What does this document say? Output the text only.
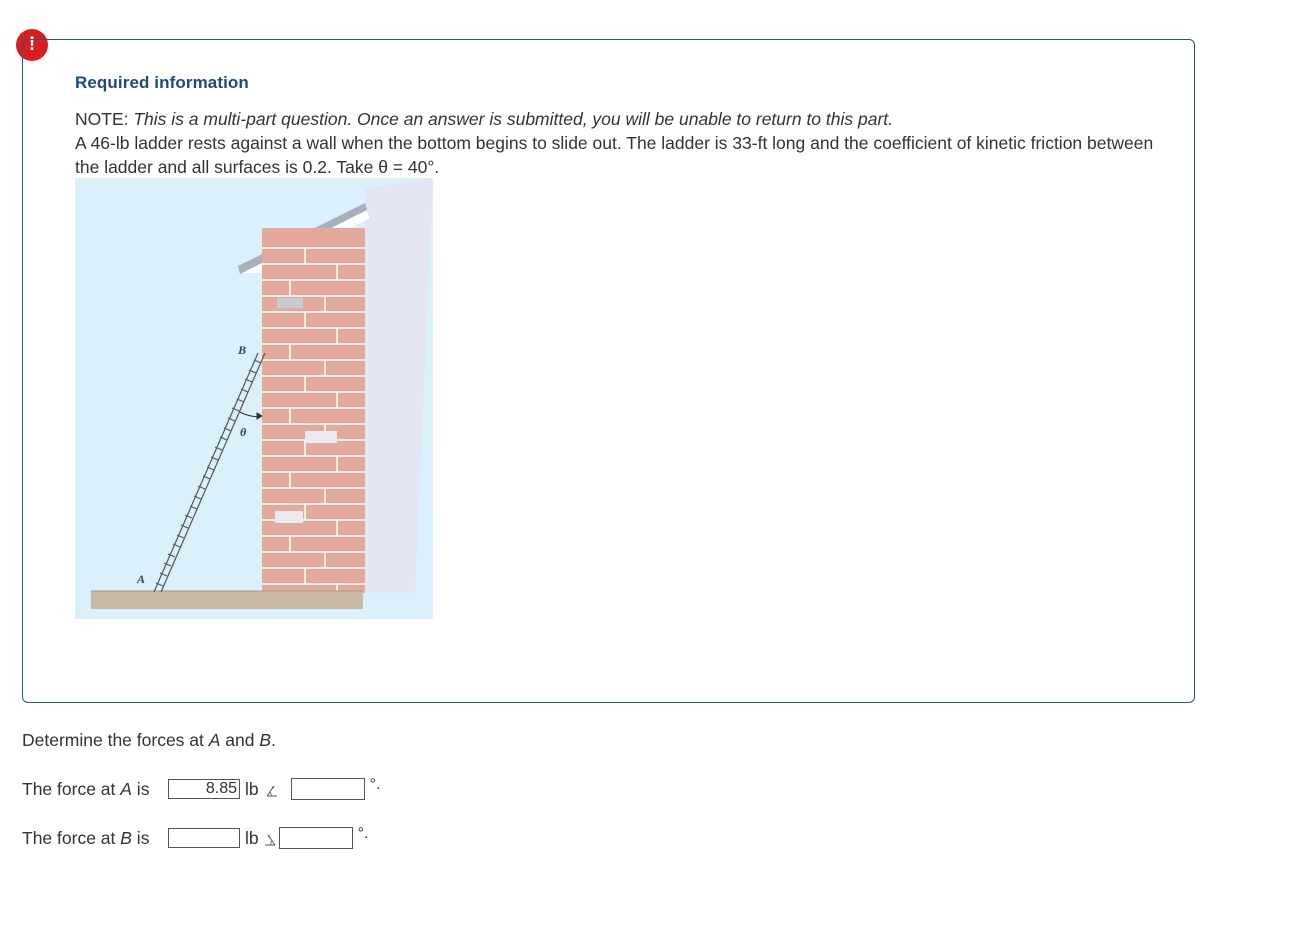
!
Required information
NOTE: This is a multi-part question. Once an answer is submitted, you will be unable to return to this part.
A 46-lb ladder rests against a wall when the bottom begins to slide out. The ladder is 33-ft long and the coefficient of kinetic friction between the ladder and all surfaces is 0.2. Take θ = 40°.
B
A
θ
Determine the forces at A and B.
The force at A is
8.85	lb	°.
The force at B is	lb	°.
